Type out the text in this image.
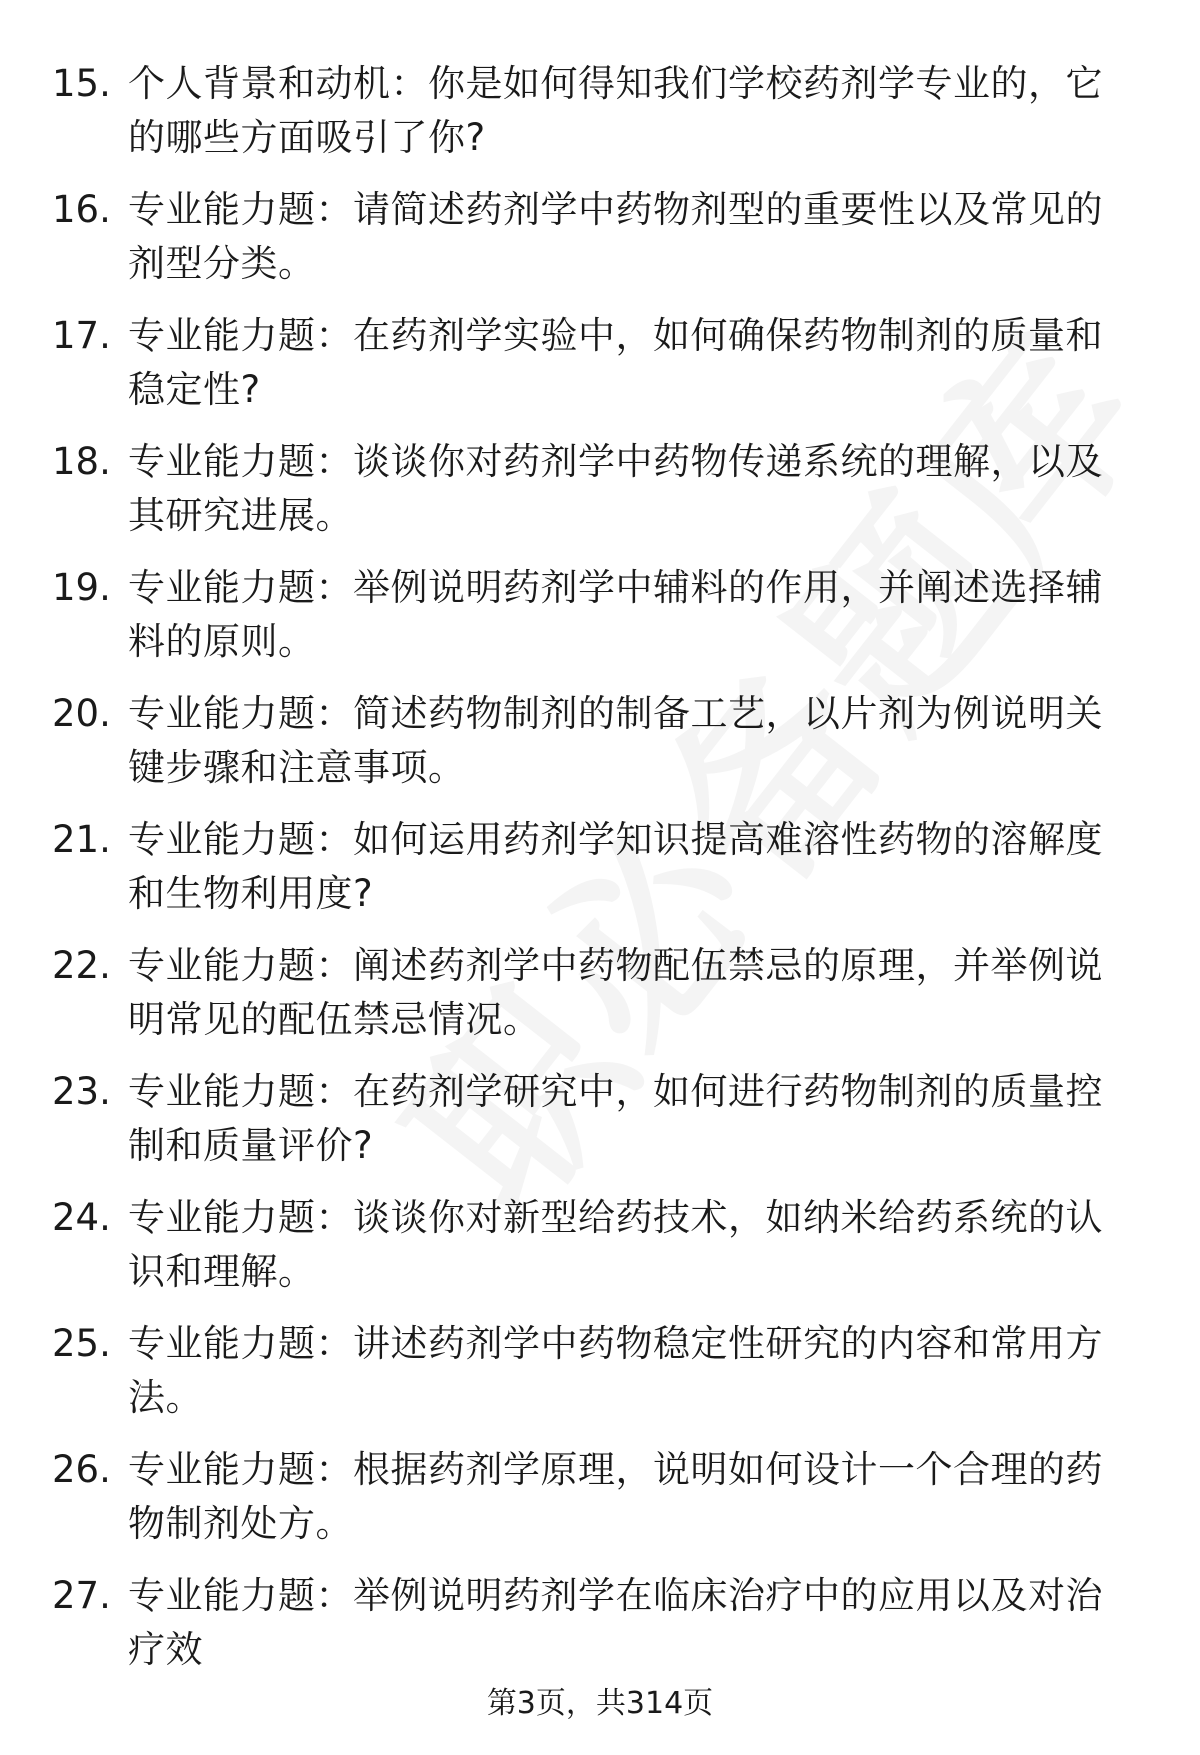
15. 个人背景和动机：你是如何得知我们学校药剂学专业的，它的哪些方面吸引了你?
16. 专业能力题：请简述药剂学中药物剂型的重要性以及常见的剂型分类。
17. 专业能力题：在药剂学实验中，如何确保药物制剂的质量和稳定性?
18. 专业能力题：谈谈你对药剂学中药物传递系统的理解，以及其研究进展。
19. 专业能力题：举例说明药剂学中辅料的作用，并阐述选择辅料的原则。
20. 专业能力题：简述药物制剂的制备工艺，以片剂为例说明关键步骤和注意事项。
21. 专业能力题：如何运用药剂学知识提高难溶性药物的溶解度和生物利用度?
22. 专业能力题：阐述药剂学中药物配伍禁忌的原理，并举例说明常见的配伍禁忌情况。
23. 专业能力题：在药剂学研究中，如何进行药物制剂的质量控制和质量评价?
24. 专业能力题：谈谈你对新型给药技术，如纳米给药系统的认识和理解。
25. 专业能力题：讲述药剂学中药物稳定性研究的内容和常用方法。
26. 专业能力题：根据药剂学原理，说明如何设计一个合理的药物制剂处方。
27. 专业能力题：举例说明药剂学在临床治疗中的应用以及对治疗效
第3页，共314页
